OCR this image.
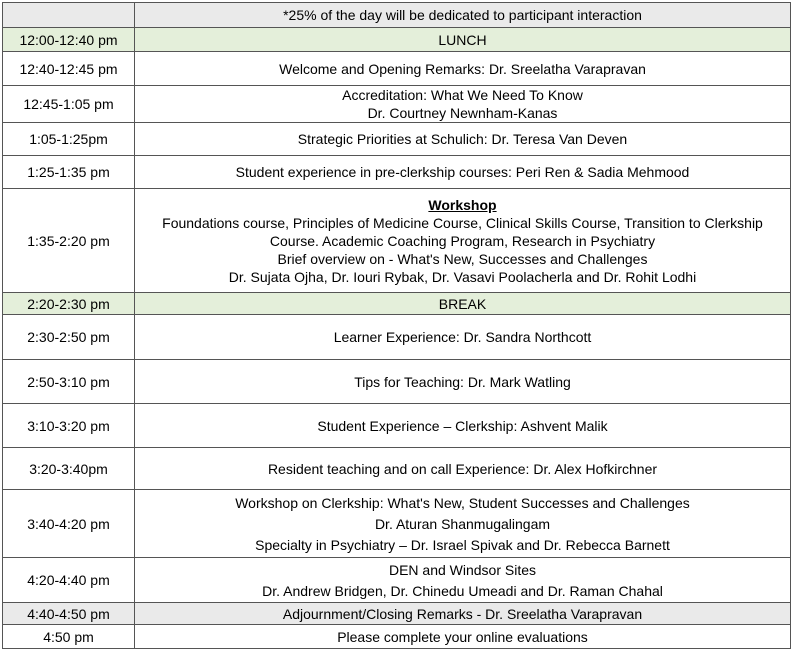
	*25% of the day will be dedicated to participant interaction
12:00-12:40 pm	LUNCH

12:40-12:45 pm	Welcome and Opening Remarks: Dr. Sreelatha Varapravan

12:45-1:05 pm	Accreditation: What We Need To Know
Dr. Courtney Newnham-Kanas

1:05-1:25pm	Strategic Priorities at Schulich: Dr. Teresa Van Deven

1:25-1:35 pm	Student experience in pre-clerkship courses: Peri Ren & Sadia Mehmood

1:35-2:20 pm	Workshop
Foundations course, Principles of Medicine Course, Clinical Skills Course, Transition to Clerkship Course. Academic Coaching Program, Research in Psychiatry
Brief overview on - What's New, Successes and Challenges
Dr. Sujata Ojha, Dr. Iouri Rybak, Dr. Vasavi Poolacherla and Dr. Rohit Lodhi

2:20-2:30 pm	BREAK

2:30-2:50 pm	Learner Experience: Dr. Sandra Northcott

2:50-3:10 pm	Tips for Teaching: Dr. Mark Watling

3:10-3:20 pm	Student Experience – Clerkship: Ashvent Malik

3:20-3:40pm	Resident teaching and on call Experience: Dr. Alex Hofkirchner

3:40-4:20 pm	Workshop on Clerkship: What's New, Student Successes and Challenges
Dr. Aturan Shanmugalingam
Specialty in Psychiatry – Dr. Israel Spivak and Dr. Rebecca Barnett

4:20-4:40 pm	DEN and Windsor Sites
Dr. Andrew Bridgen, Dr. Chinedu Umeadi and Dr. Raman Chahal

4:40-4:50 pm	Adjournment/Closing Remarks - Dr. Sreelatha Varapravan

4:50 pm	Please complete your online evaluations
